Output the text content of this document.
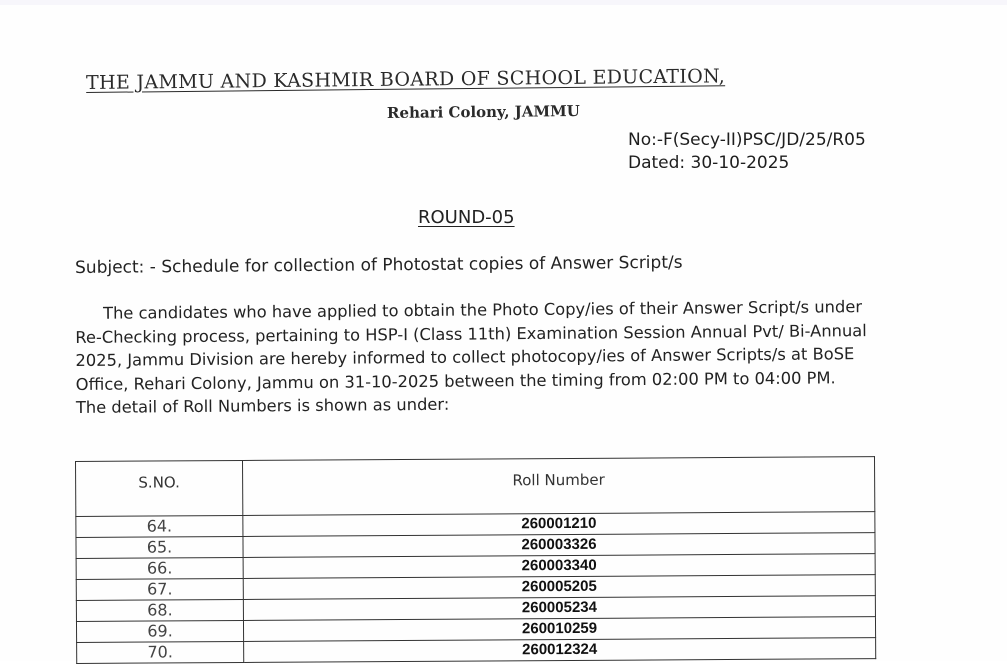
THE JAMMU AND KASHMIR BOARD OF SCHOOL EDUCATION,
Rehari Colony, JAMMU
No:-F(Secy-II)PSC/JD/25/R05
Dated: 30-10-2025
ROUND-05
Subject: - Schedule for collection of Photostat copies of Answer Script/s
The candidates who have applied to obtain the Photo Copy/ies of their Answer Script/s under
Re-Checking process, pertaining to HSP-I (Class 11th) Examination Session Annual Pvt/ Bi-Annual
2025, Jammu Division are hereby informed to collect photocopy/ies of Answer Scripts/s at BoSE
Office, Rehari Colony, Jammu on 31-10-2025 between the timing from 02:00 PM to 04:00 PM.
The detail of Roll Numbers is shown as under:
S.NO.	Roll Number
64.	260001210
65.	260003326
66.	260003340
67.	260005205
68.	260005234
69.	260010259
70.	260012324
